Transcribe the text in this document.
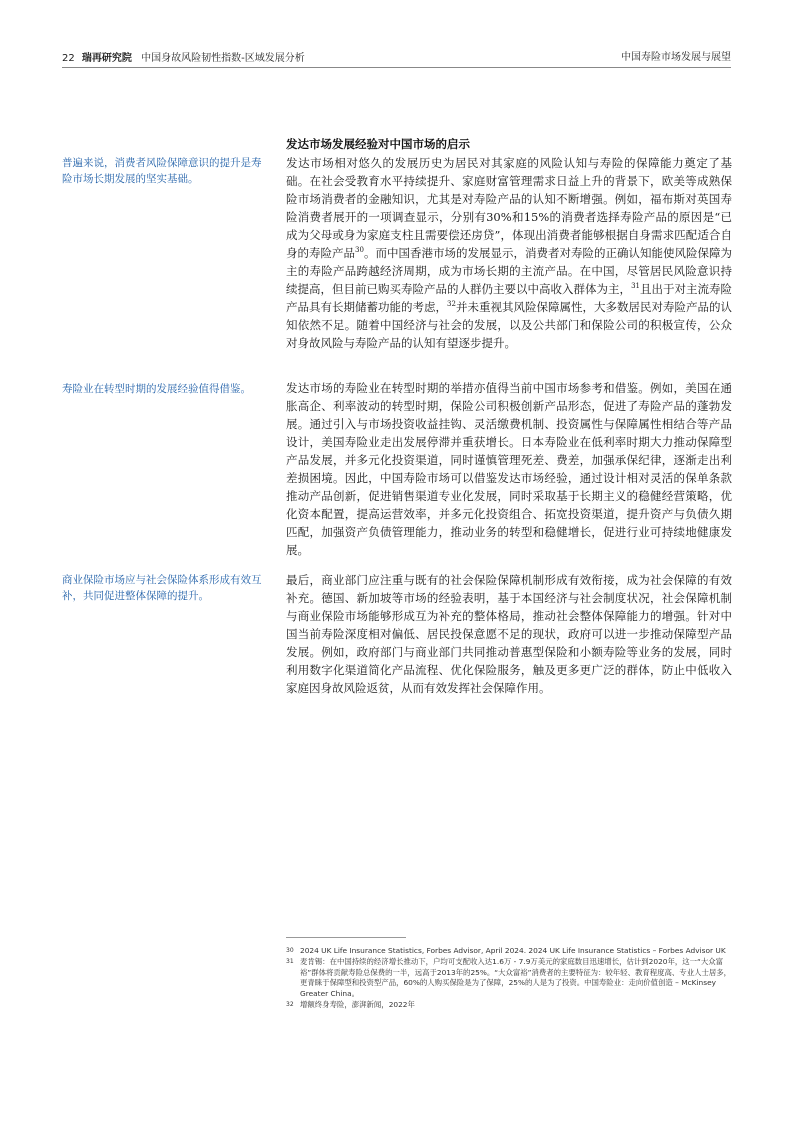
22 瑞再研究院 中国身故风险韧性指数-区域发展分析	中国寿险市场发展与展望
普遍来说，消费者风险保障意识的提升是寿险市场长期发展的坚实基础。
寿险业在转型时期的发展经验值得借鉴。
商业保险市场应与社会保险体系形成有效互补，共同促进整体保障的提升。
发达市场发展经验对中国市场的启示
发达市场相对悠久的发展历史为居民对其家庭的风险认知与寿险的保障能力奠定了基础。在社会受教育水平持续提升、家庭财富管理需求日益上升的背景下，欧美等成熟保险市场消费者的金融知识，尤其是对寿险产品的认知不断增强。例如，福布斯对英国寿险消费者展开的一项调查显示，分别有30%和15%的消费者选择寿险产品的原因是“已成为父母或身为家庭支柱且需要偿还房贷”，体现出消费者能够根据自身需求匹配适合自身的寿险产品$^{30}$。而中国香港市场的发展显示，消费者对寿险的正确认知能使风险保障为主的寿险产品跨越经济周期，成为市场长期的主流产品。在中国，尽管居民风险意识持续提高，但目前已购买寿险产品的人群仍主要以中高收入群体为主，$^{31}$且出于对主流寿险产品具有长期储蓄功能的考虑，$^{32}$并未重视其风险保障属性，大多数居民对寿险产品的认知依然不足。随着中国经济与社会的发展，以及公共部门和保险公司的积极宣传，公众对身故风险与寿险产品的认知有望逐步提升。
发达市场的寿险业在转型时期的举措亦值得当前中国市场参考和借鉴。例如，美国在通胀高企、利率波动的转型时期，保险公司积极创新产品形态，促进了寿险产品的蓬勃发展。通过引入与市场投资收益挂钩、灵活缴费机制、投资属性与保障属性相结合等产品设计，美国寿险业走出发展停滞并重获增长。日本寿险业在低利率时期大力推动保障型产品发展，并多元化投资渠道，同时谨慎管理死差、费差，加强承保纪律，逐渐走出利差损困境。因此，中国寿险市场可以借鉴发达市场经验，通过设计相对灵活的保单条款推动产品创新，促进销售渠道专业化发展，同时采取基于长期主义的稳健经营策略，优化资本配置，提高运营效率，并多元化投资组合、拓宽投资渠道，提升资产与负债久期匹配，加强资产负债管理能力，推动业务的转型和稳健增长，促进行业可持续地健康发展。
最后，商业部门应注重与既有的社会保险保障机制形成有效衔接，成为社会保障的有效补充。德国、新加坡等市场的经验表明，基于本国经济与社会制度状况，社会保障机制与商业保险市场能够形成互为补充的整体格局，推动社会整体保障能力的增强。针对中国当前寿险深度相对偏低、居民投保意愿不足的现状，政府可以进一步推动保障型产品发展。例如，政府部门与商业部门共同推动普惠型保险和小额寿险等业务的发展，同时利用数字化渠道简化产品流程、优化保险服务，触及更多更广泛的群体，防止中低收入家庭因身故风险返贫，从而有效发挥社会保障作用。
30 2024 UK Life Insurance Statistics, Forbes Advisor, April 2024. 2024 UK Life Insurance Statistics – Forbes Advisor UK
31 麦肯锡：在中国持续的经济增长推动下，户均可支配收入达1.6万 - 7.9万美元的家庭数目迅速增长，估计到2020年，这一“大众富裕”群体将贡献寿险总保费的一半，远高于2013年的25%。“大众富裕”消费者的主要特征为：较年轻、教育程度高、专业人士居多，更青睐于保障型和投资型产品，60%的人购买保险是为了保障，25%的人是为了投资。中国寿险业：走向价值创造 – McKinsey Greater China。
32 增额终身寿险，澎湃新闻，2022年
